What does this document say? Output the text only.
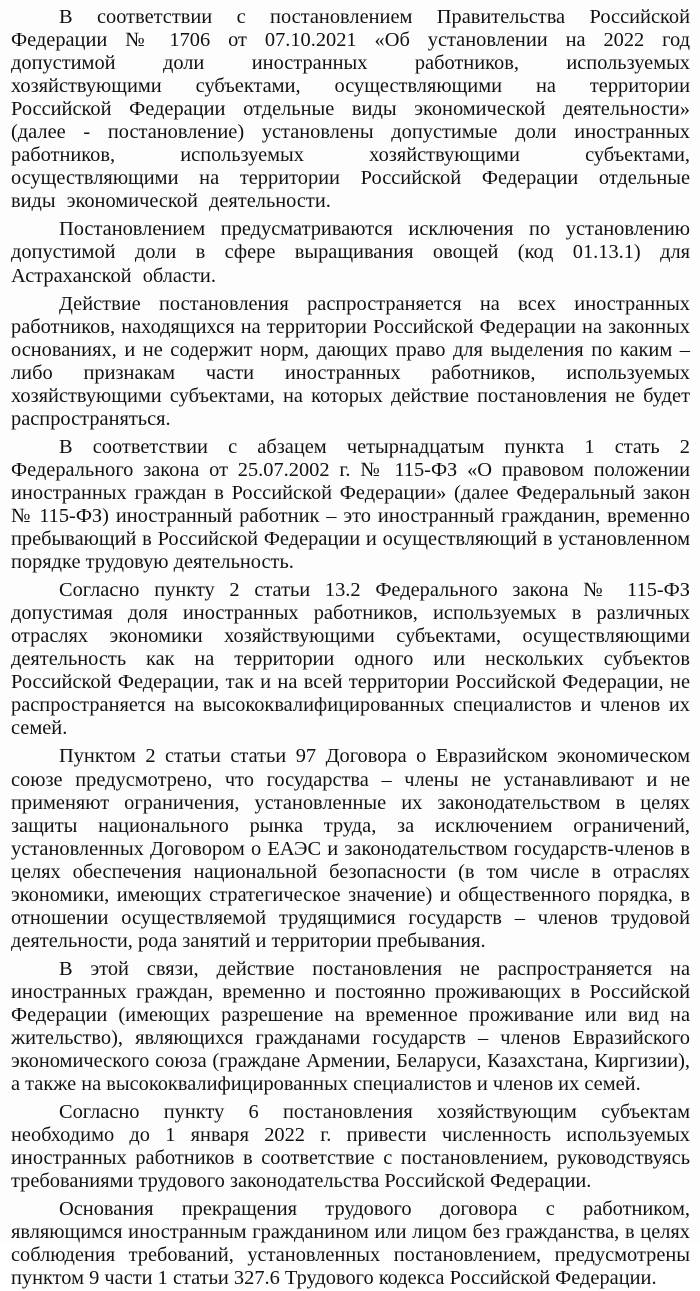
В соответствии с постановлением Правительства Российской Федерации № 1706 от 07.10.2021 «Об установлении на 2022 год допустимой доли иностранных работников, используемых хозяйствующими субъектами, осуществляющими на территории Российской Федерации отдельные виды экономической деятельности» (далее - постановление) установлены допустимые доли иностранных работников, используемых хозяйствующими субъектами, осуществляющими на территории Российской Федерации отдельные виды экономической деятельности.

Постановлением предусматриваются исключения по установлению допустимой доли в сфере выращивания овощей (код 01.13.1) для Астраханской области.

Действие постановления распространяется на всех иностранных работников, находящихся на территории Российской Федерации на законных основаниях, и не содержит норм, дающих право для выделения по каким – либо признакам части иностранных работников, используемых хозяйствующими субъектами, на которых действие постановления не будет распространяться.

В соответствии с абзацем четырнадцатым пункта 1 стать 2 Федерального закона от 25.07.2002 г. № 115-ФЗ «О правовом положении иностранных граждан в Российской Федерации» (далее Федеральный закон № 115-ФЗ) иностранный работник – это иностранный гражданин, временно пребывающий в Российской Федерации и осуществляющий в установленном порядке трудовую деятельность.

Согласно пункту 2 статьи 13.2 Федерального закона № 115-ФЗ допустимая доля иностранных работников, используемых в различных отраслях экономики хозяйствующими субъектами, осуществляющими деятельность как на территории одного или нескольких субъектов Российской Федерации, так и на всей территории Российской Федерации, не распространяется на высококвалифицированных специалистов и членов их семей.

Пунктом 2 статьи статьи 97 Договора о Евразийском экономическом союзе предусмотрено, что государства – члены не устанавливают и не применяют ограничения, установленные их законодательством в целях защиты национального рынка труда, за исключением ограничений, установленных Договором о ЕАЭС и законодательством государств-членов в целях обеспечения национальной безопасности (в том числе в отраслях экономики, имеющих стратегическое значение) и общественного порядка, в отношении осуществляемой трудящимися государств – членов трудовой деятельности, рода занятий и территории пребывания.

В этой связи, действие постановления не распространяется на иностранных граждан, временно и постоянно проживающих в Российской Федерации (имеющих разрешение на временное проживание или вид на жительство), являющихся гражданами государств – членов Евразийского экономического союза (граждане Армении, Беларуси, Казахстана, Киргизии), а также на высококвалифицированных специалистов и членов их семей.

Согласно пункту 6 постановления хозяйствующим субъектам необходимо до 1 января 2022 г. привести численность используемых иностранных работников в соответствие с постановлением, руководствуясь требованиями трудового законодательства Российской Федерации.

Основания прекращения трудового договора с работником, являющимся иностранным гражданином или лицом без гражданства, в целях соблюдения требований, установленных постановлением, предусмотрены пунктом 9 части 1 статьи 327.6 Трудового кодекса Российской Федерации.
